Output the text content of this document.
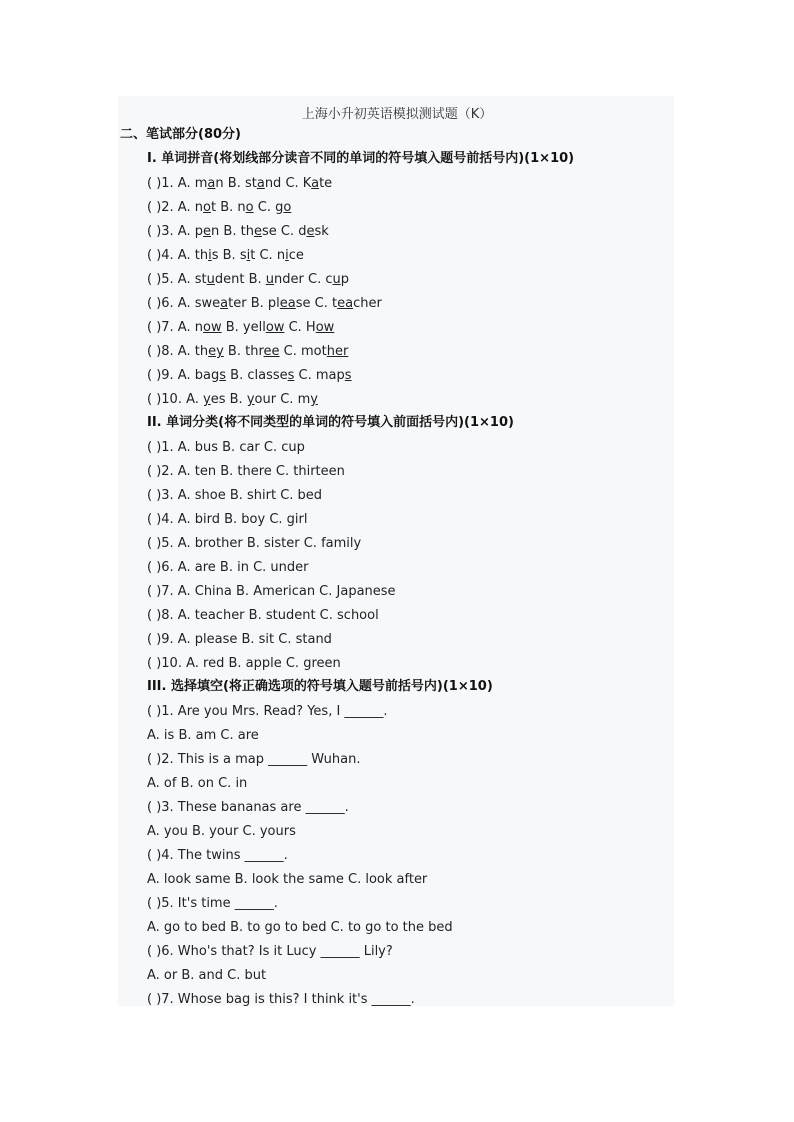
上海小升初英语模拟测试题（K）
二、笔试部分(80分)
I. 单词拼音(将划线部分读音不同的单词的符号填入题号前括号内)(1×10)
( )1. A. man B. stand C. Kate
( )2. A. not B. no C. go
( )3. A. pen B. these C. desk
( )4. A. this B. sit C. nice
( )5. A. student B. under C. cup
( )6. A. sweater B. please C. teacher
( )7. A. now B. yellow C. How
( )8. A. they B. three C. mother
( )9. A. bags B. classes C. maps
( )10. A. yes B. your C. my
II. 单词分类(将不同类型的单词的符号填入前面括号内)(1×10)
( )1. A. bus B. car C. cup
( )2. A. ten B. there C. thirteen
( )3. A. shoe B. shirt C. bed
( )4. A. bird B. boy C. girl
( )5. A. brother B. sister C. family
( )6. A. are B. in C. under
( )7. A. China B. American C. Japanese
( )8. A. teacher B. student C. school
( )9. A. please B. sit C. stand
( )10. A. red B. apple C. green
III. 选择填空(将正确选项的符号填入题号前括号内)(1×10)
( )1. Are you Mrs. Read? Yes, I ______.
A. is B. am C. are
( )2. This is a map ______ Wuhan.
A. of B. on C. in
( )3. These bananas are ______.
A. you B. your C. yours
( )4. The twins ______.
A. look same B. look the same C. look after
( )5. It's time ______.
A. go to bed B. to go to bed C. to go to the bed
( )6. Who's that? Is it Lucy ______ Lily?
A. or B. and C. but
( )7. Whose bag is this? I think it's ______.
